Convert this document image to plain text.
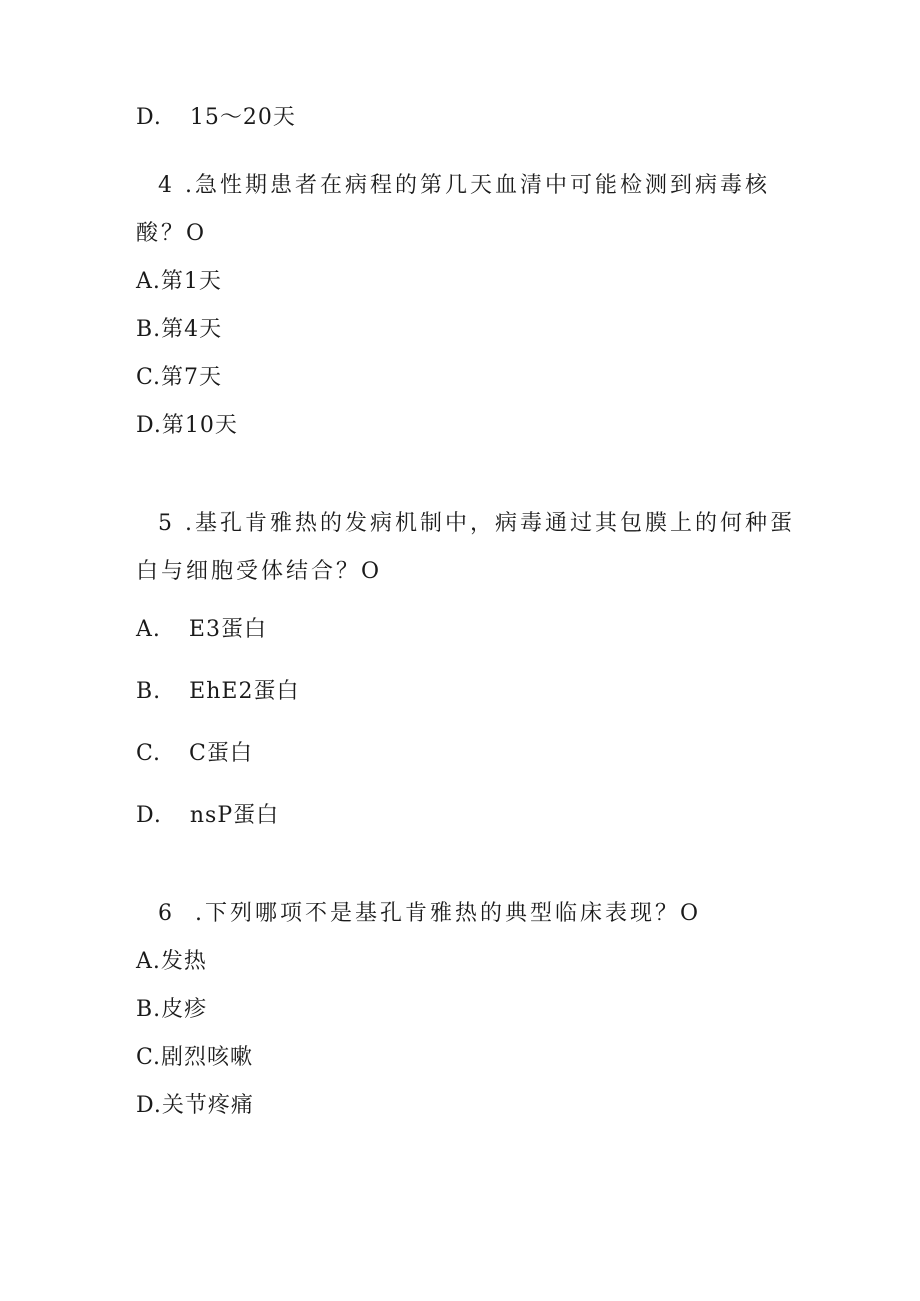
D. 15～20天
4 .急性期患者在病程的第几天血清中可能检测到病毒核
酸？O
A.第1天
B.第4天
C.第7天
D.第10天
5 .基孔肯雅热的发病机制中，病毒通过其包膜上的何种蛋
白与细胞受体结合？O
A. E3蛋白
B. EhE2蛋白
C. C蛋白
D. nsP蛋白
6  .下列哪项不是基孔肯雅热的典型临床表现？O
A.发热
B.皮疹
C.剧烈咳嗽
D.关节疼痛
